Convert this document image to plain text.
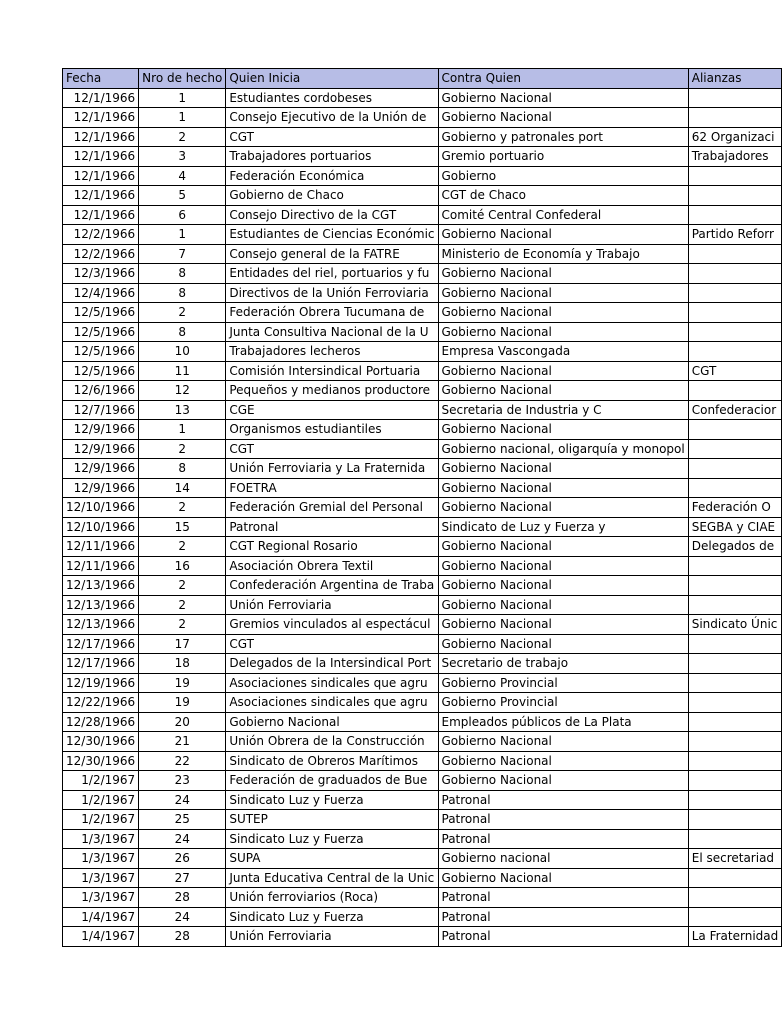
Fecha	Nro de hecho	Quien Inicia	Contra Quien	Alianzas
12/1/1966	1	Estudiantes cordobeses	Gobierno Nacional	
12/1/1966	1	Consejo Ejecutivo de la Unión de	Gobierno Nacional	
12/1/1966	2	CGT	Gobierno y patronales port	62 Organizaci
12/1/1966	3	Trabajadores portuarios	Gremio portuario	Trabajadores
12/1/1966	4	Federación Económica	Gobierno	
12/1/1966	5	Gobierno de Chaco	CGT de Chaco	
12/1/1966	6	Consejo Directivo de la CGT	Comité Central Confederal	
12/2/1966	1	Estudiantes de Ciencias Económic	Gobierno Nacional	Partido Reforr
12/2/1966	7	Consejo general de la FATRE	Ministerio de Economía y Trabajo	
12/3/1966	8	Entidades del riel, portuarios y fu	Gobierno Nacional	
12/4/1966	8	Directivos de la Unión Ferroviaria	Gobierno Nacional	
12/5/1966	2	Federación Obrera Tucumana de	Gobierno Nacional	
12/5/1966	8	Junta Consultiva Nacional de la U	Gobierno Nacional	
12/5/1966	10	Trabajadores lecheros	Empresa Vascongada	
12/5/1966	11	Comisión Intersindical Portuaria	Gobierno Nacional	CGT
12/6/1966	12	Pequeños y medianos productore	Gobierno Nacional	
12/7/1966	13	CGE	Secretaria de Industria y C	Confederacior
12/9/1966	1	Organismos estudiantiles	Gobierno Nacional	
12/9/1966	2	CGT	Gobierno nacional, oligarquía y monopol	
12/9/1966	8	Unión Ferroviaria y La Fraternida	Gobierno Nacional	
12/9/1966	14	FOETRA	Gobierno Nacional	
12/10/1966	2	Federación Gremial del Personal	Gobierno Nacional	Federación O
12/10/1966	15	Patronal	Sindicato de Luz y Fuerza y	SEGBA y CIAE
12/11/1966	2	CGT Regional Rosario	Gobierno Nacional	Delegados de
12/11/1966	16	Asociación Obrera Textil	Gobierno Nacional	
12/13/1966	2	Confederación Argentina de Traba	Gobierno Nacional	
12/13/1966	2	Unión Ferroviaria	Gobierno Nacional	
12/13/1966	2	Gremios vinculados al espectácul	Gobierno Nacional	Sindicato Únic
12/17/1966	17	CGT	Gobierno Nacional	
12/17/1966	18	Delegados de la Intersindical Port	Secretario de trabajo	
12/19/1966	19	Asociaciones sindicales que agru	Gobierno Provincial	
12/22/1966	19	Asociaciones sindicales que agru	Gobierno Provincial	
12/28/1966	20	Gobierno Nacional	Empleados públicos de La Plata	
12/30/1966	21	Unión Obrera de la Construcción	Gobierno Nacional	
12/30/1966	22	Sindicato de Obreros Marítimos	Gobierno Nacional	
1/2/1967	23	Federación de graduados de Bue	Gobierno Nacional	
1/2/1967	24	Sindicato Luz y Fuerza	Patronal	
1/2/1967	25	SUTEP	Patronal	
1/3/1967	24	Sindicato Luz y Fuerza	Patronal	
1/3/1967	26	SUPA	Gobierno nacional	El secretariad
1/3/1967	27	Junta Educativa Central de la Unic	Gobierno Nacional	
1/3/1967	28	Unión ferroviarios (Roca)	Patronal	
1/4/1967	24	Sindicato Luz y Fuerza	Patronal	
1/4/1967	28	Unión Ferroviaria	Patronal	La Fraternidad
